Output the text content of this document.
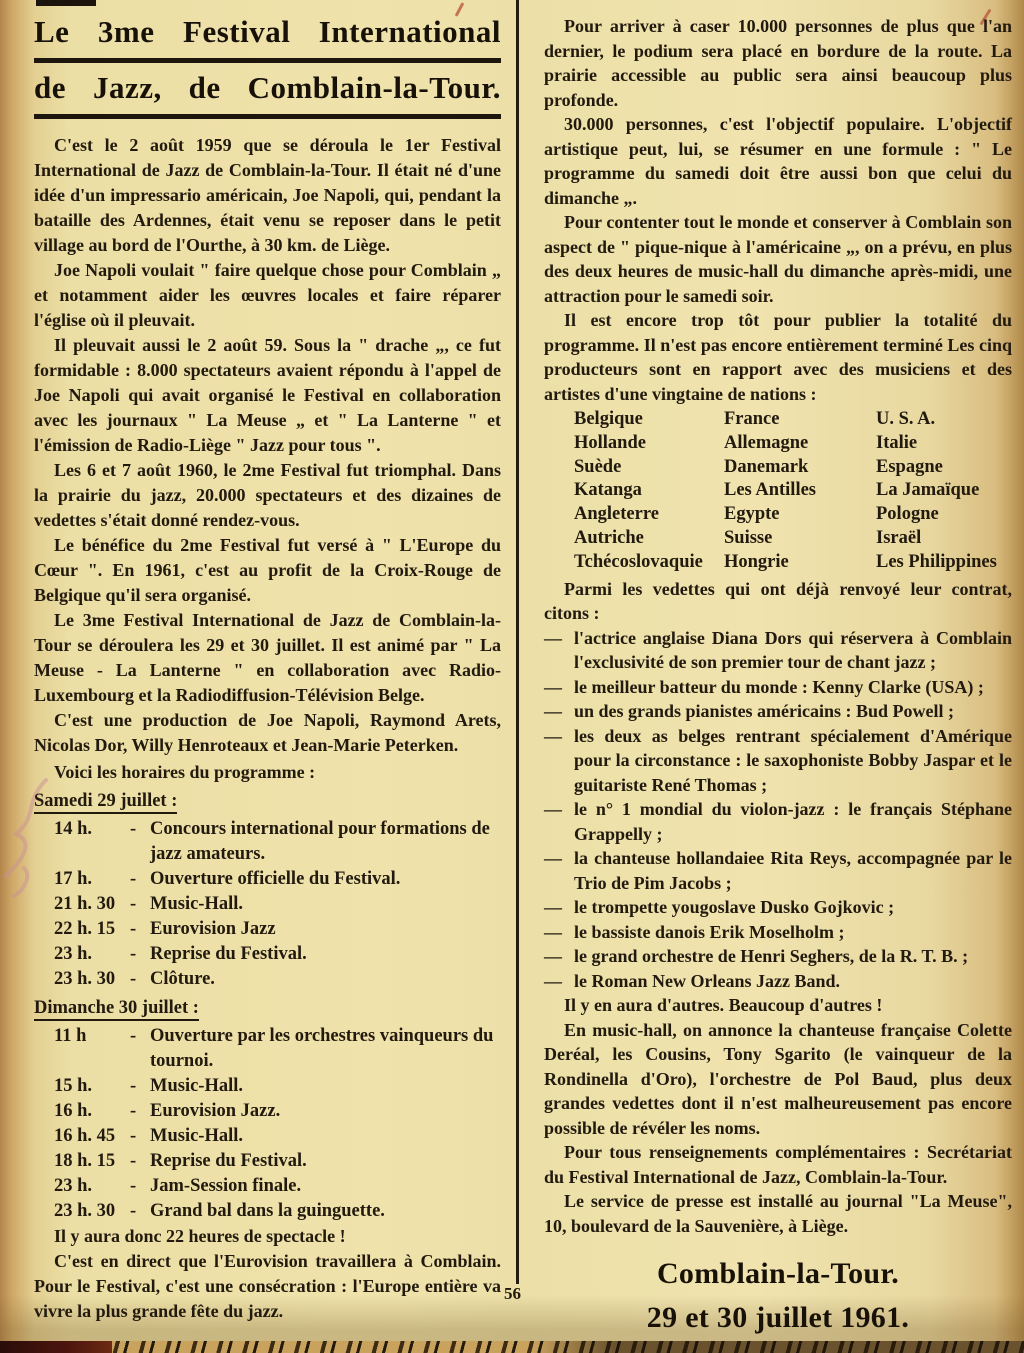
Le 3me Festival International
de Jazz, de Comblain-la-Tour.

C'est le 2 août 1959 que se déroula le 1er Festival International de Jazz de Comblain-la-Tour. Il était né d'une idée d'un impressario américain, Joe Napoli, qui, pendant la bataille des Ardennes, était venu se reposer dans le petit village au bord de l'Ourthe, à 30 km. de Liège.

Joe Napoli voulait " faire quelque chose pour Comblain „ et notamment aider les œuvres locales et faire réparer l'église où il pleuvait.

Il pleuvait aussi le 2 août 59. Sous la " drache „, ce fut formidable : 8.000 spectateurs avaient répondu à l'appel de Joe Napoli qui avait organisé le Festival en collaboration avec les journaux " La Meuse „ et " La Lanterne " et l'émission de Radio-Liège " Jazz pour tous ".

Les 6 et 7 août 1960, le 2me Festival fut triomphal. Dans la prairie du jazz, 20.000 spectateurs et des dizaines de vedettes s'était donné rendez-vous.

Le bénéfice du 2me Festival fut versé à " L'Europe du Cœur ". En 1961, c'est au profit de la Croix-Rouge de Belgique qu'il sera organisé.

Le 3me Festival International de Jazz de Comblain-la-Tour se déroulera les 29 et 30 juillet. Il est animé par " La Meuse - La Lanterne " en collaboration avec Radio-Luxembourg et la Radiodiffusion-Télévision Belge.

C'est une production de Joe Napoli, Raymond Arets, Nicolas Dor, Willy Henroteaux et Jean-Marie Peterken.

Voici les horaires du programme :

Samedi 29 juillet :
14 h.	- Concours international pour formations de jazz amateurs.
17 h.	- Ouverture officielle du Festival.
21 h. 30 - Music-Hall.
22 h. 15 - Eurovision Jazz
23 h.	- Reprise du Festival.
23 h. 30 - Clôture.
Dimanche 30 juillet :
11 h	- Ouverture par les orchestres vainqueurs du tournoi.
15 h.	- Music-Hall.
16 h.	- Eurovision Jazz.
16 h. 45 - Music-Hall.
18 h. 15 - Reprise du Festival.
23 h.	- Jam-Session finale.
23 h. 30 - Grand bal dans la guinguette.

Il y aura donc 22 heures de spectacle !

C'est en direct que l'Eurovision travaillera à Comblain. Pour le Festival, c'est une consécration : l'Europe entière va vivre la plus grande fête du jazz.

Pour arriver à caser 10.000 personnes de plus que l'an dernier, le podium sera placé en bordure de la route. La prairie accessible au public sera ainsi beaucoup plus profonde.

30.000 personnes, c'est l'objectif populaire. L'objectif artistique peut, lui, se résumer en une formule : " Le programme du samedi doit être aussi bon que celui du dimanche „.

Pour contenter tout le monde et conserver à Comblain son aspect de " pique-nique à l'américaine „, on a prévu, en plus des deux heures de music-hall du dimanche après-midi, une attraction pour le samedi soir.

Il est encore trop tôt pour publier la totalité du programme. Il n'est pas encore entièrement terminé Les cinq producteurs sont en rapport avec des musiciens et des artistes d'une vingtaine de nations :

Belgique	France	U. S. A.
Hollande	Allemagne	Italie
Suède	Danemark	Espagne
Katanga	Les Antilles	La Jamaïque
Angleterre	Egypte	Pologne
Autriche	Suisse	Israël
Tchécoslovaquie	Hongrie	Les Philippines

Parmi les vedettes qui ont déjà renvoyé leur contrat, citons :

— l'actrice anglaise Diana Dors qui réservera à Comblain l'exclusivité de son premier tour de chant jazz ;
— le meilleur batteur du monde : Kenny Clarke (USA) ;
— un des grands pianistes américains : Bud Powell ;
— les deux as belges rentrant spécialement d'Amérique pour la circonstance : le saxophoniste Bobby Jaspar et le guitariste René Thomas ;
— le n° 1 mondial du violon-jazz : le français Stéphane Grappelly ;
— la chanteuse hollandaiee Rita Reys, accompagnée par le Trio de Pim Jacobs ;
— le trompette yougoslave Dusko Gojkovic ;
— le bassiste danois Erik Moselholm ;
— le grand orchestre de Henri Seghers, de la R. T. B. ;
— le Roman New Orleans Jazz Band.

Il y en aura d'autres. Beaucoup d'autres !

En music-hall, on annonce la chanteuse française Colette Deréal, les Cousins, Tony Sgarito (le vainqueur de la Rondinella d'Oro), l'orchestre de Pol Baud, plus deux grandes vedettes dont il n'est malheureusement pas encore possible de révéler les noms.

Pour tous renseignements complémentaires : Secrétariat du Festival International de Jazz, Comblain-la-Tour.

Le service de presse est installé au journal "La Meuse", 10, boulevard de la Sauvenière, à Liège.

Comblain-la-Tour.
29 et 30 juillet 1961.
56
